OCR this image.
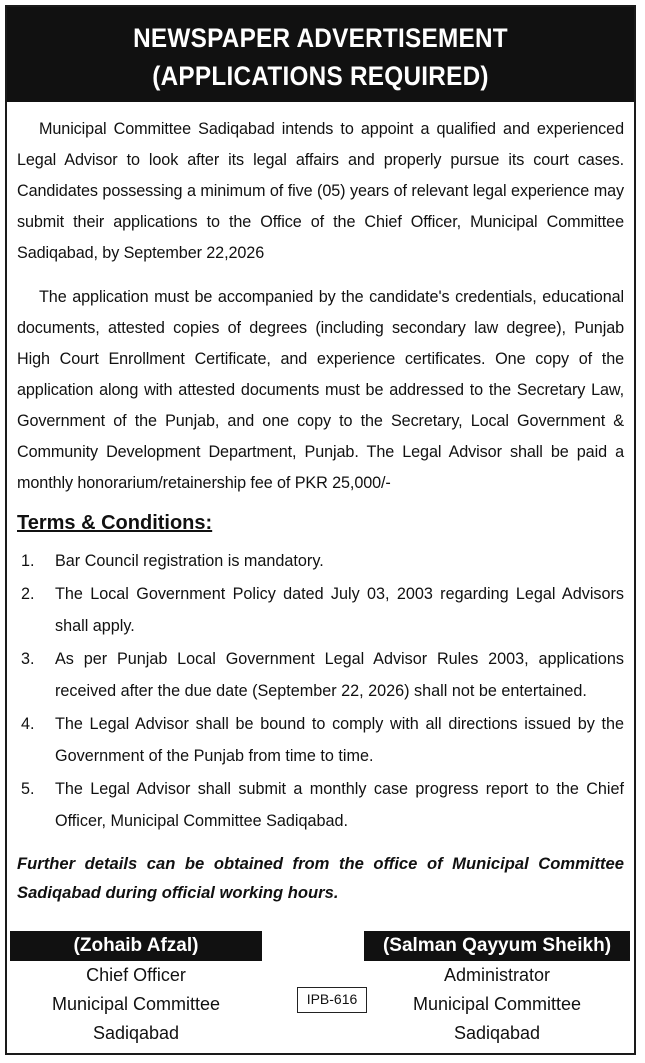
NEWSPAPER ADVERTISEMENT
(APPLICATIONS REQUIRED)

Municipal Committee Sadiqabad intends to appoint a qualified and experienced Legal Advisor to look after its legal affairs and properly pursue its court cases. Candidates possessing a minimum of five (05) years of relevant legal experience may submit their applications to the Office of the Chief Officer, Municipal Committee Sadiqabad, by September 22,2026

The application must be accompanied by the candidate's credentials, educational documents, attested copies of degrees (including secondary law degree), Punjab High Court Enrollment Certificate, and experience certificates. One copy of the application along with attested documents must be addressed to the Secretary Law, Government of the Punjab, and one copy to the Secretary, Local Government & Community Development Department, Punjab. The Legal Advisor shall be paid a monthly honorarium/retainership fee of PKR 25,000/-

Terms & Conditions:
1.	Bar Council registration is mandatory.
2.	The Local Government Policy dated July 03, 2003 regarding Legal Advisors shall apply.
3.	As per Punjab Local Government Legal Advisor Rules 2003, applications received after the due date (September 22, 2026) shall not be entertained.
4.	The Legal Advisor shall be bound to comply with all directions issued by the Government of the Punjab from time to time.
5.	The Legal Advisor shall submit a monthly case progress report to the Chief Officer, Municipal Committee Sadiqabad.
Further details can be obtained from the office of Municipal Committee Sadiqabad during official working hours.
(Zohaib Afzal)
Chief Officer
Municipal Committee
Sadiqabad
IPB-616
(Salman Qayyum Sheikh)
Administrator
Municipal Committee
Sadiqabad
